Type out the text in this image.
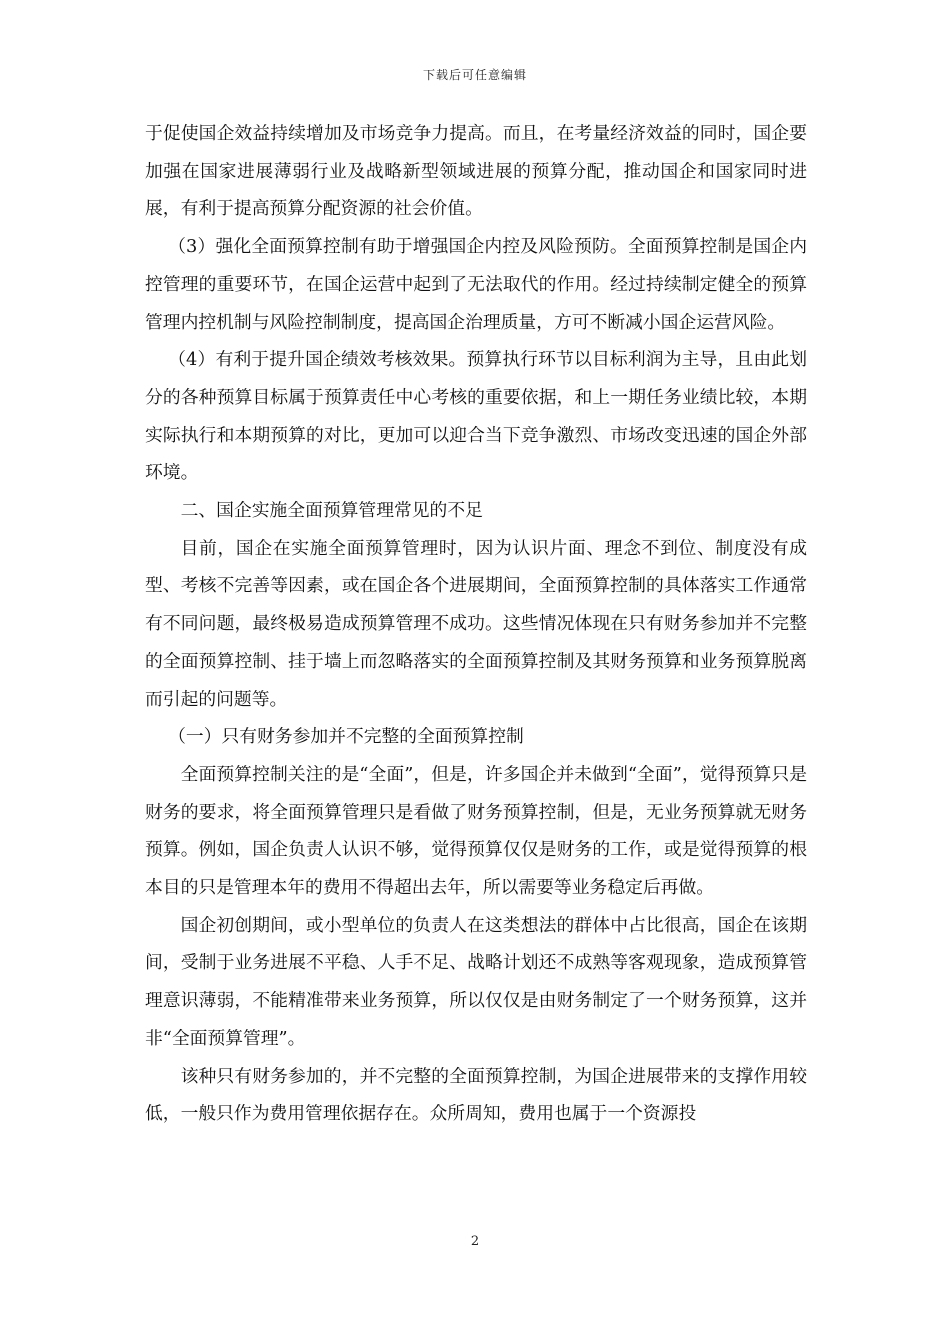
下载后可任意编辑

于促使国企效益持续增加及市场竞争力提高。而且，在考量经济效益的同时，国企要加强在国家进展薄弱行业及战略新型领域进展的预算分配，推动国企和国家同时进展，有利于提高预算分配资源的社会价值。

（3）强化全面预算控制有助于增强国企内控及风险预防。全面预算控制是国企内控管理的重要环节，在国企运营中起到了无法取代的作用。经过持续制定健全的预算管理内控机制与风险控制制度，提高国企治理质量，方可不断减小国企运营风险。

（4）有利于提升国企绩效考核效果。预算执行环节以目标利润为主导，且由此划分的各种预算目标属于预算责任中心考核的重要依据，和上一期任务业绩比较，本期实际执行和本期预算的对比，更加可以迎合当下竞争激烈、市场改变迅速的国企外部环境。

二、国企实施全面预算管理常见的不足

目前，国企在实施全面预算管理时，因为认识片面、理念不到位、制度没有成型、考核不完善等因素，或在国企各个进展期间，全面预算控制的具体落实工作通常有不同问题，最终极易造成预算管理不成功。这些情况体现在只有财务参加并不完整的全面预算控制、挂于墙上而忽略落实的全面预算控制及其财务预算和业务预算脱离而引起的问题等。

（一）只有财务参加并不完整的全面预算控制

全面预算控制关注的是“全面”，但是，许多国企并未做到“全面”，觉得预算只是财务的要求，将全面预算管理只是看做了财务预算控制，但是，无业务预算就无财务预算。例如，国企负责人认识不够，觉得预算仅仅是财务的工作，或是觉得预算的根本目的只是管理本年的费用不得超出去年，所以需要等业务稳定后再做。

国企初创期间，或小型单位的负责人在这类想法的群体中占比很高，国企在该期间，受制于业务进展不平稳、人手不足、战略计划还不成熟等客观现象，造成预算管理意识薄弱，不能精准带来业务预算，所以仅仅是由财务制定了一个财务预算，这并非“全面预算管理”。

该种只有财务参加的，并不完整的全面预算控制，为国企进展带来的支撑作用较低，一般只作为费用管理依据存在。众所周知，费用也属于一个资源投

2
